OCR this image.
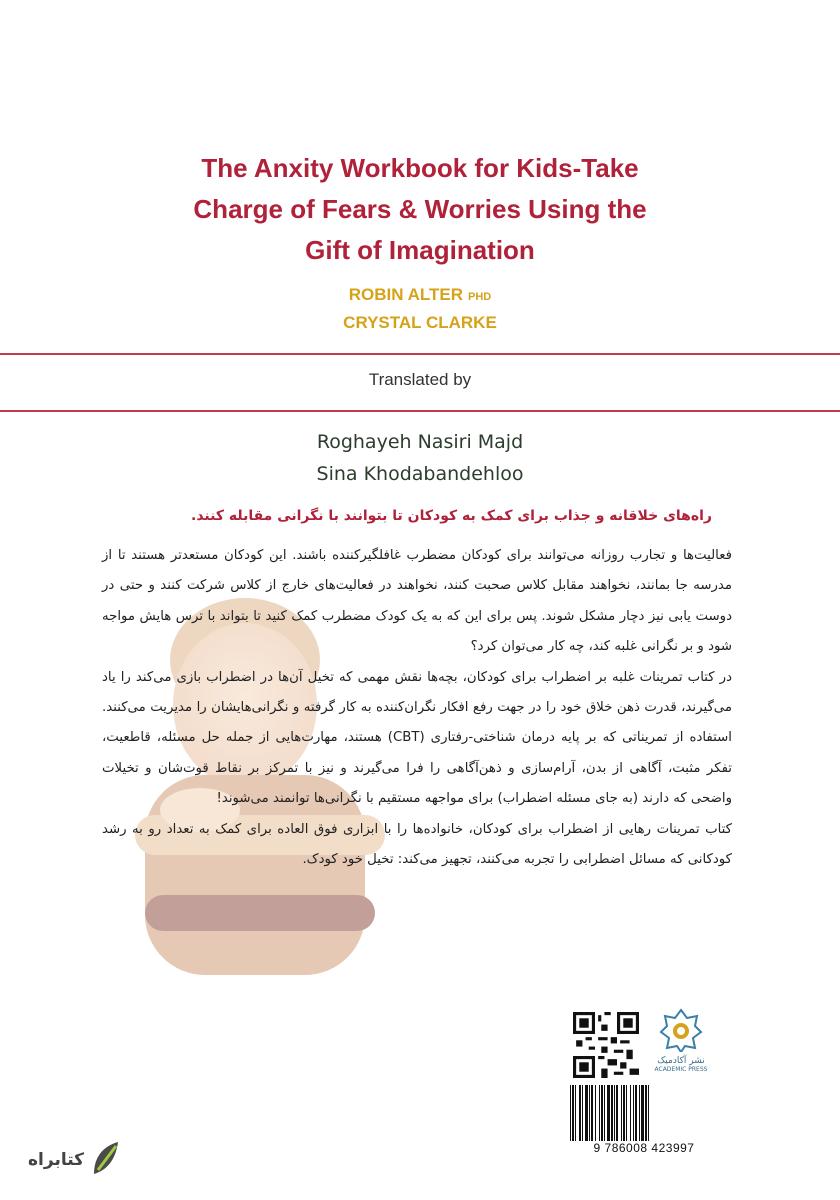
The Anxity Workbook for Kids-Take
Charge of Fears & Worries Using the
Gift of Imagination
ROBIN ALTER PHD
CRYSTAL CLARKE
Translated by
Roghayeh Nasiri Majd
Sina Khodabandehloo
راه‌های خلاقانه و جذاب برای کمک به کودکان تا بتوانند با نگرانی مقابله کنند.

فعالیت‌ها و تجارب روزانه می‌توانند برای کودکان مضطرب غافلگیرکننده باشند. این کودکان مستعدتر هستند تا از مدرسه جا بمانند، نخواهند مقابل کلاس صحبت کنند، نخواهند در فعالیت‌های خارج از کلاس شرکت کنند و حتی در دوست یابی نیز دچار مشکل شوند. پس برای این که به یک کودک مضطرب کمک کنید تا بتواند با ترس هایش مواجه شود و بر نگرانی غلبه کند، چه کار می‌توان کرد؟

در کتاب تمرینات غلبه بر اضطراب برای کودکان، بچه‌ها نقش مهمی که تخیل آن‌ها در اضطراب بازی می‌کند را یاد می‌گیرند، قدرت ذهن خلاق خود را در جهت رفع افکار نگران‌کننده به کار گرفته و نگرانی‌هایشان را مدیریت می‌کنند. استفاده از تمریناتی که بر پایه درمان شناختی-رفتاری (CBT) هستند، مهارت‌هایی از جمله حل مسئله، قاطعیت، تفکر مثبت، آگاهی از بدن، آرام‌سازی و ذهن‌آگاهی را فرا می‌گیرند و نیز با تمرکز بر نقاط قوت‌شان و تخیلات واضحی که دارند (به جای مسئله اضطراب) برای مواجهه مستقیم با نگرانی‌ها توانمند می‌شوند!

کتاب تمرینات رهایی از اضطراب برای کودکان، خانواده‌ها را با ابزاری فوق العاده برای کمک به تعداد رو به رشد کودکانی که مسائل اضطرابی را تجربه می‌کنند، تجهیز می‌کند: تخیل خود کودک.

نشر آکادمیک
ACADEMIC PRESS
9 786008 423997
کتابراه
